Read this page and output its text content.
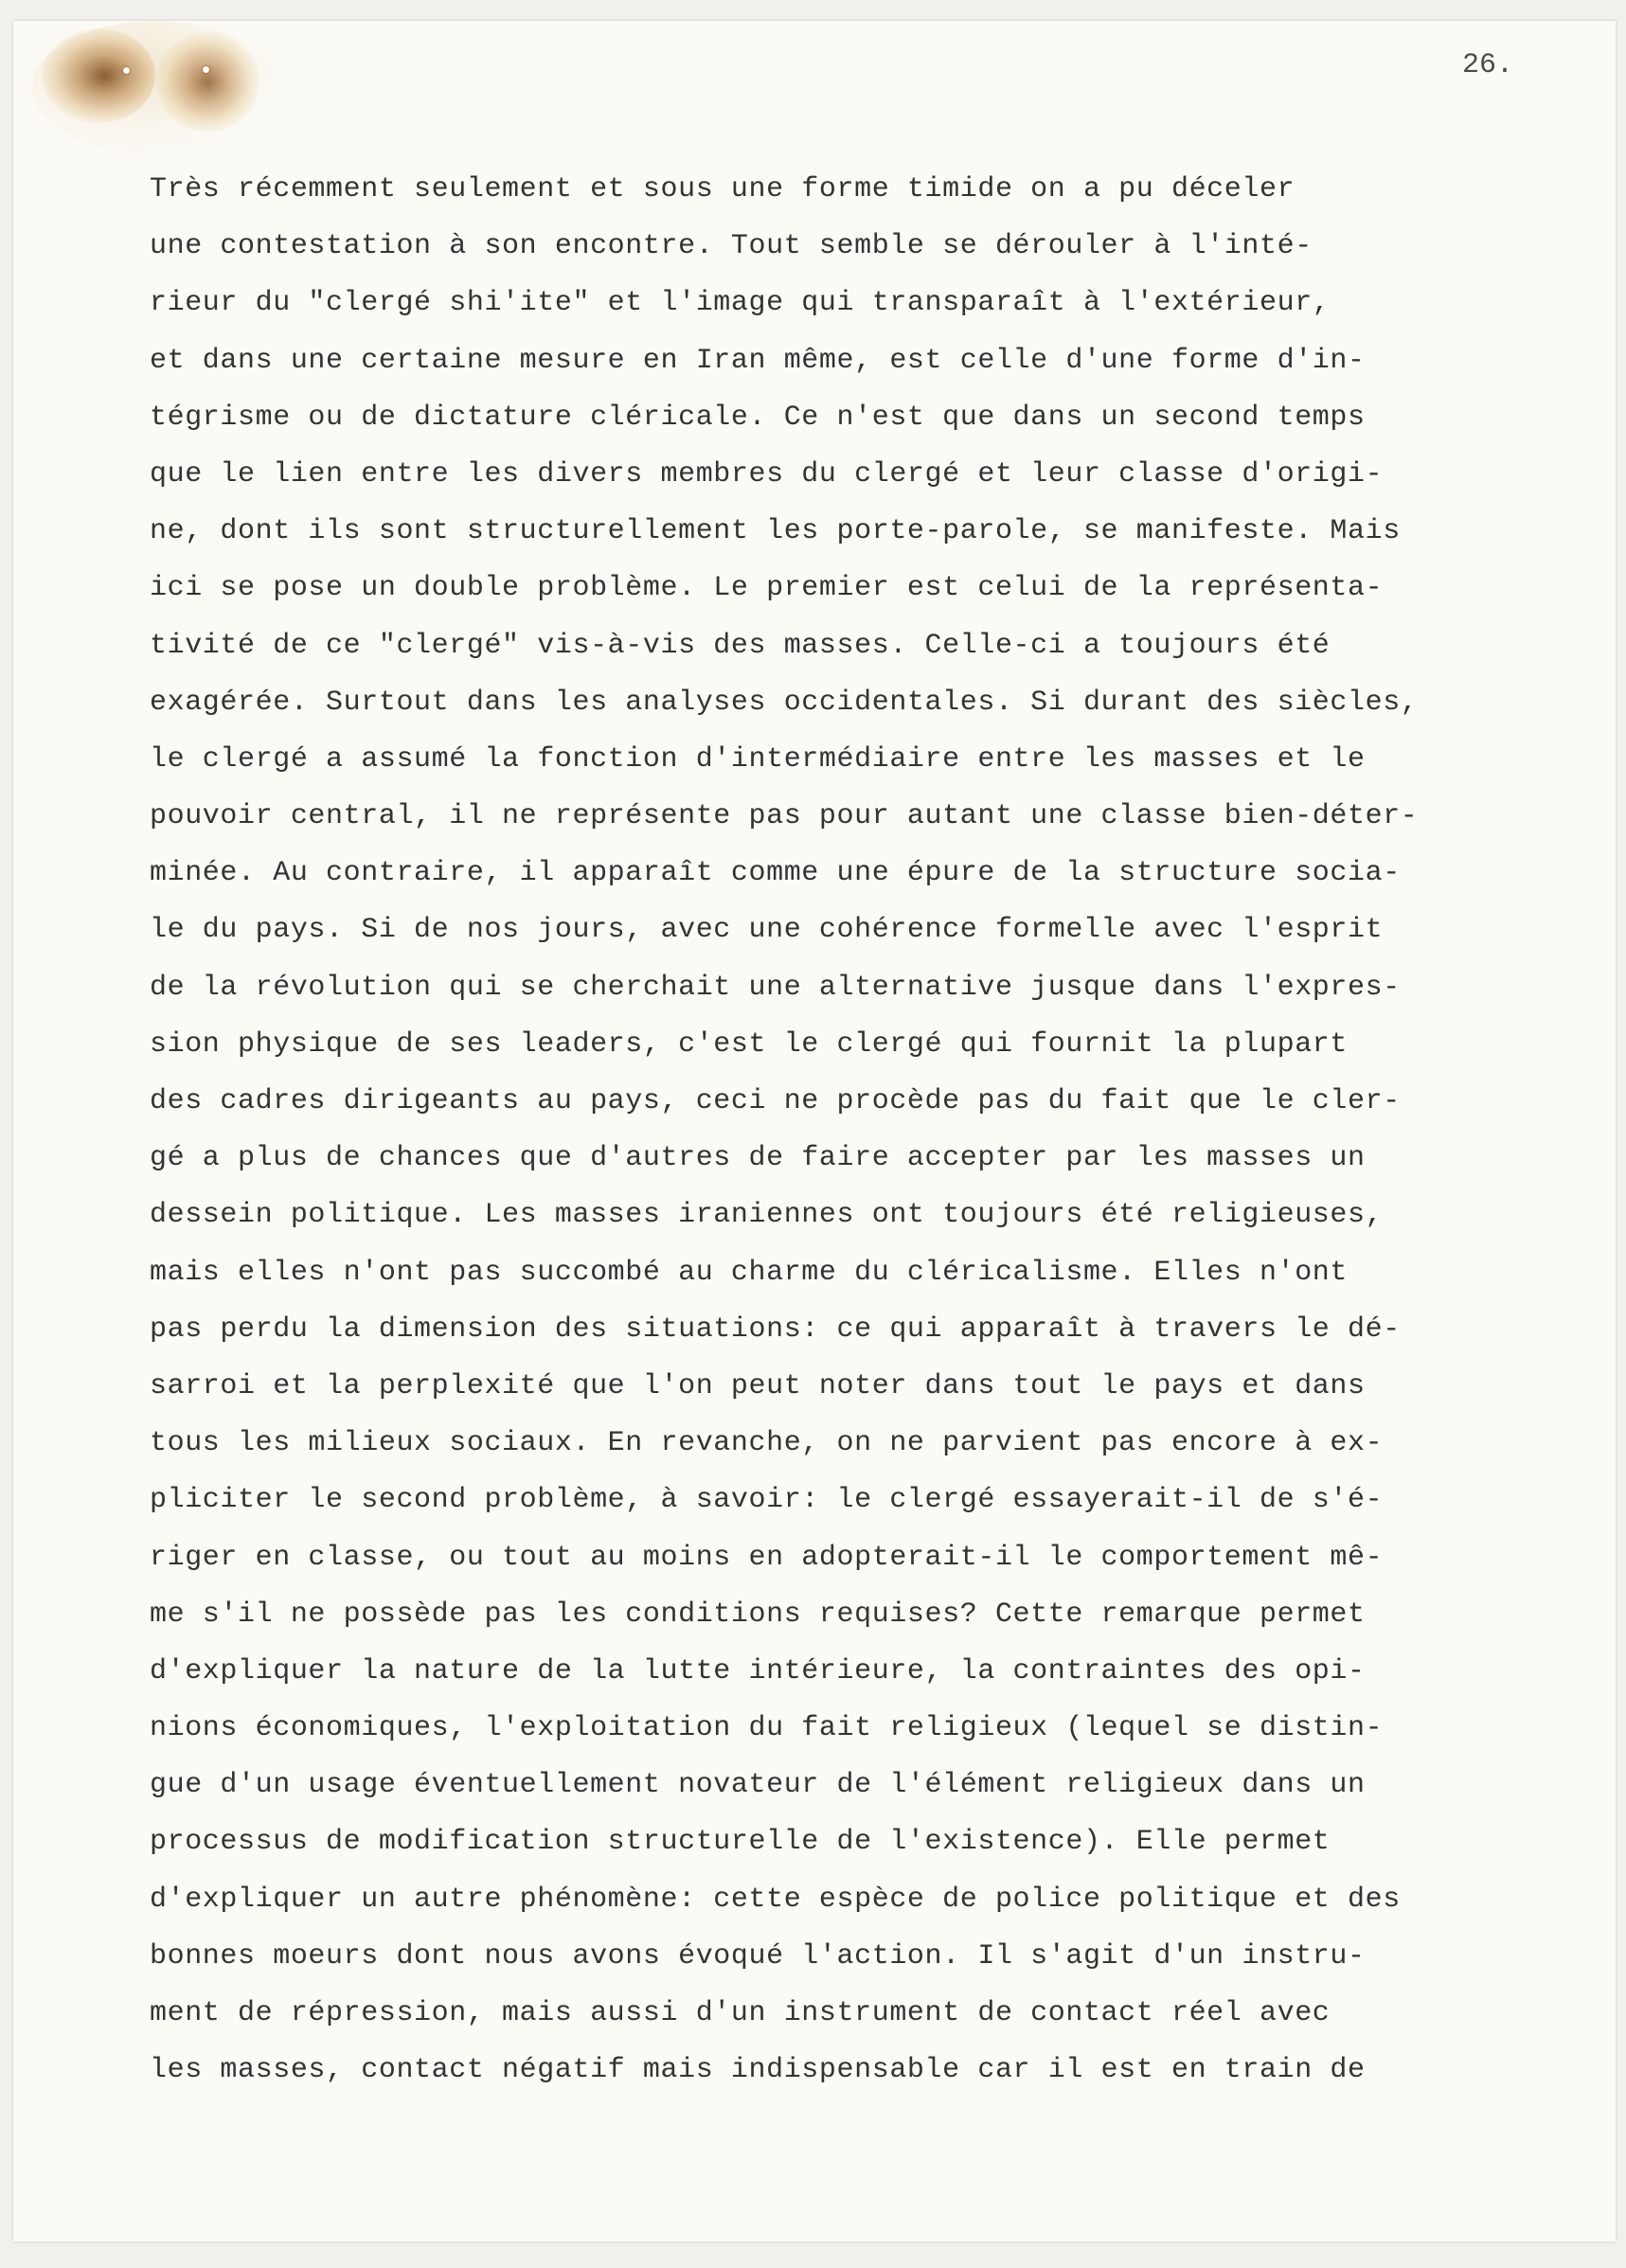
26.
Très récemment seulement et sous une forme timide on a pu déceler
une contestation à son encontre. Tout semble se dérouler à l'inté-
rieur du "clergé shi'ite" et l'image qui transparaît à l'extérieur,
et dans une certaine mesure en Iran même, est celle d'une forme d'in-
tégrisme ou de dictature cléricale. Ce n'est que dans un second temps
que le lien entre les divers membres du clergé et leur classe d'origi-
ne, dont ils sont structurellement les porte-parole, se manifeste. Mais
ici se pose un double problème. Le premier est celui de la représenta-
tivité de ce "clergé" vis-à-vis des masses. Celle-ci a toujours été
exagérée. Surtout dans les analyses occidentales. Si durant des siècles,
le clergé a assumé la fonction d'intermédiaire entre les masses et le
pouvoir central, il ne représente pas pour autant une classe bien-déter-
minée. Au contraire, il apparaît comme une épure de la structure socia-
le du pays. Si de nos jours, avec une cohérence formelle avec l'esprit
de la révolution qui se cherchait une alternative jusque dans l'expres-
sion physique de ses leaders, c'est le clergé qui fournit la plupart
des cadres dirigeants au pays, ceci ne procède pas du fait que le cler-
gé a plus de chances que d'autres de faire accepter par les masses un
dessein politique. Les masses iraniennes ont toujours été religieuses,
mais elles n'ont pas succombé au charme du cléricalisme. Elles n'ont
pas perdu la dimension des situations: ce qui apparaît à travers le dé-
sarroi et la perplexité que l'on peut noter dans tout le pays et dans
tous les milieux sociaux. En revanche, on ne parvient pas encore à ex-
pliciter le second problème, à savoir: le clergé essayerait-il de s'é-
riger en classe, ou tout au moins en adopterait-il le comportement mê-
me s'il ne possède pas les conditions requises? Cette remarque permet
d'expliquer la nature de la lutte intérieure, la contraintes des opi-
nions économiques, l'exploitation du fait religieux (lequel se distin-
gue d'un usage éventuellement novateur de l'élément religieux dans un
processus de modification structurelle de l'existence). Elle permet
d'expliquer un autre phénomène: cette espèce de police politique et des
bonnes moeurs dont nous avons évoqué l'action. Il s'agit d'un instru-
ment de répression, mais aussi d'un instrument de contact réel avec
les masses, contact négatif mais indispensable car il est en train de
